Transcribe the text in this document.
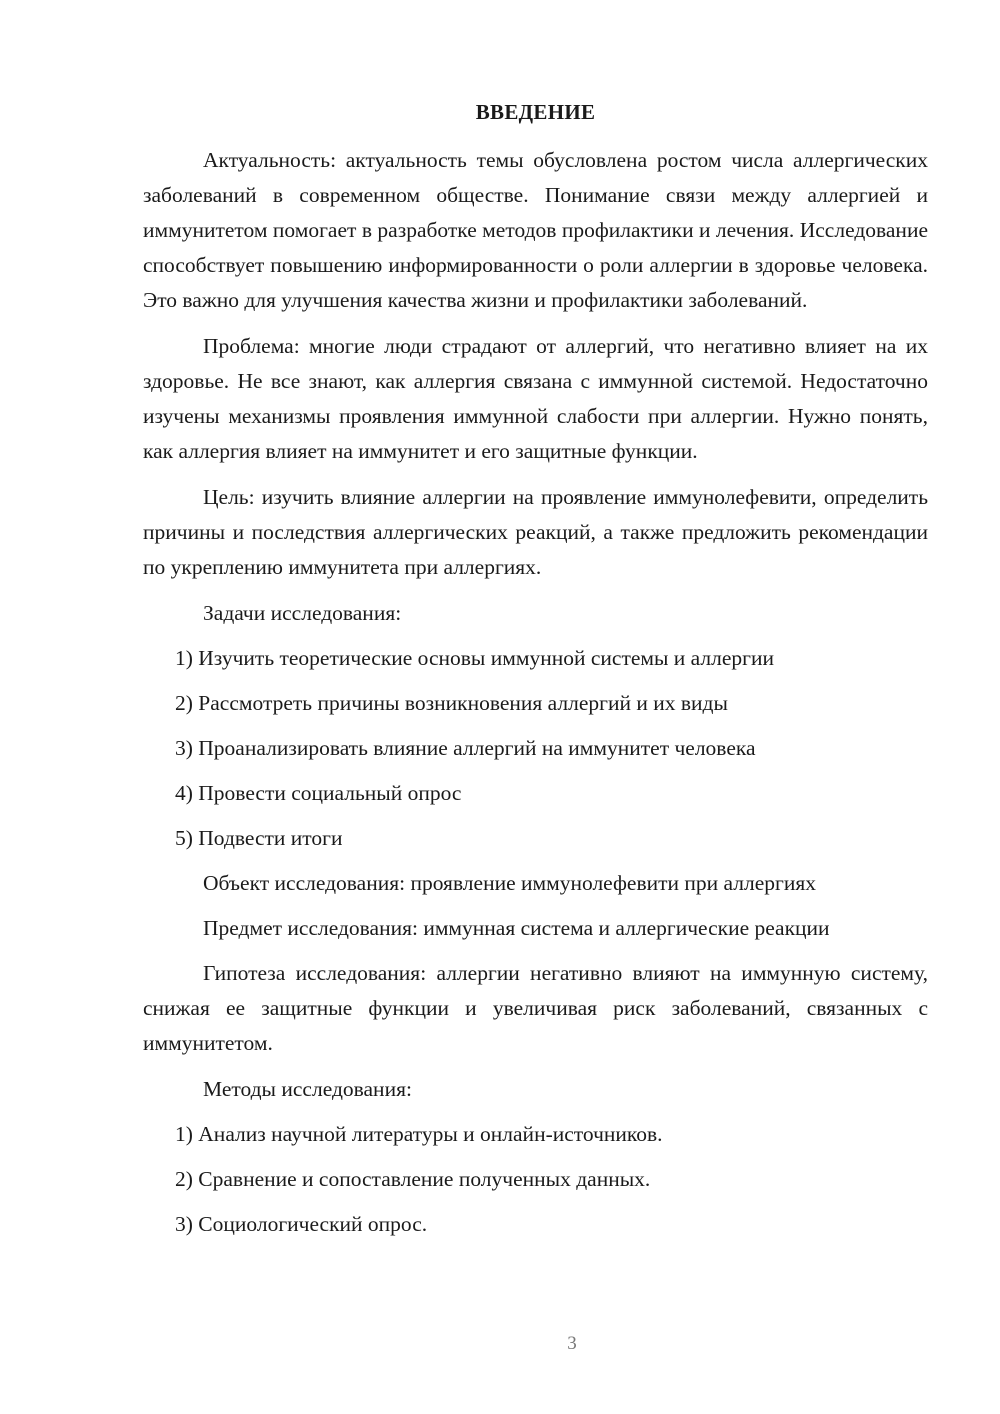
ВВЕДЕНИЕ

Актуальность: актуальность темы обусловлена ростом числа аллергических заболеваний в современном обществе. Понимание связи между аллергией и иммунитетом помогает в разработке методов профилактики и лечения. Исследование способствует повышению информированности о роли аллергии в здоровье человека. Это важно для улучшения качества жизни и профилактики заболеваний.

Проблема: многие люди страдают от аллергий, что негативно влияет на их здоровье. Не все знают, как аллергия связана с иммунной системой. Недостаточно изучены механизмы проявления иммунной слабости при аллергии. Нужно понять, как аллергия влияет на иммунитет и его защитные функции.

Цель: изучить влияние аллергии на проявление иммунолефевити, определить причины и последствия аллергических реакций, а также предложить рекомендации по укреплению иммунитета при аллергиях.

Задачи исследования:
1) Изучить теоретические основы иммунной системы и аллергии
2) Рассмотреть причины возникновения аллергий и их виды
3) Проанализировать влияние аллергий на иммунитет человека
4) Провести социальный опрос
5) Подвести итоги
Объект исследования: проявление иммунолефевити при аллергиях
Предмет исследования: иммунная система и аллергические реакции

Гипотеза исследования: аллергии негативно влияют на иммунную систему, снижая ее защитные функции и увеличивая риск заболеваний, связанных с иммунитетом.

Методы исследования:
1) Анализ научной литературы и онлайн-источников.
2) Сравнение и сопоставление полученных данных.
3) Социологический опрос.
3
